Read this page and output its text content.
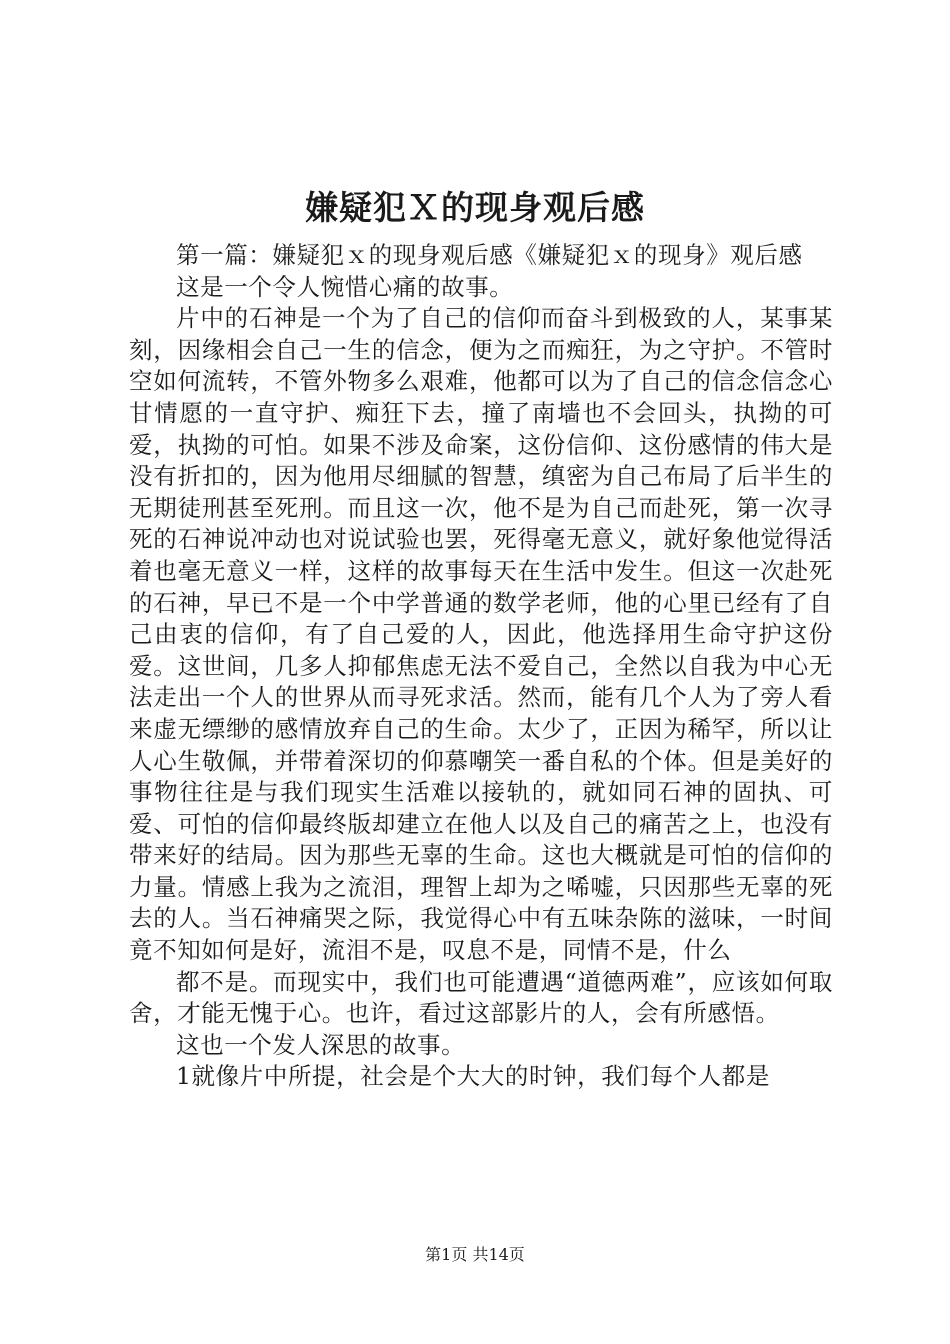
嫌疑犯Ｘ的现身观后感

第一篇：嫌疑犯ｘ的现身观后感《嫌疑犯ｘ的现身》观后感

这是一个令人惋惜心痛的故事。

片中的石神是一个为了自己的信仰而奋斗到极致的人，某事某刻，因缘相会自己一生的信念，便为之而痴狂，为之守护。不管时空如何流转，不管外物多么艰难，他都可以为了自己的信念信念心甘情愿的一直守护、痴狂下去，撞了南墙也不会回头，执拗的可爱，执拗的可怕。如果不涉及命案，这份信仰、这份感情的伟大是没有折扣的，因为他用尽细腻的智慧，缜密为自己布局了后半生的无期徒刑甚至死刑。而且这一次，他不是为自己而赴死，第一次寻死的石神说冲动也对说试验也罢，死得毫无意义，就好象他觉得活着也毫无意义一样，这样的故事每天在生活中发生。但这一次赴死的石神，早已不是一个中学普通的数学老师，他的心里已经有了自己由衷的信仰，有了自己爱的人，因此，他选择用生命守护这份爱。这世间，几多人抑郁焦虑无法不爱自己，全然以自我为中心无法走出一个人的世界从而寻死求活。然而，能有几个人为了旁人看来虚无缥缈的感情放弃自己的生命。太少了，正因为稀罕，所以让人心生敬佩，并带着深切的仰慕嘲笑一番自私的个体。但是美好的事物往往是与我们现实生活难以接轨的，就如同石神的固执、可爱、可怕的信仰最终版却建立在他人以及自己的痛苦之上，也没有带来好的结局。因为那些无辜的生命。这也大概就是可怕的信仰的力量。情感上我为之流泪，理智上却为之唏嘘，只因那些无辜的死去的人。当石神痛哭之际，我觉得心中有五味杂陈的滋味，一时间竟不知如何是好，流泪不是，叹息不是，同情不是，什么

都不是。而现实中，我们也可能遭遇“道德两难”，应该如何取舍，才能无愧于心。也许，看过这部影片的人，会有所感悟。

这也一个发人深思的故事。

1就像片中所提，社会是个大大的时钟，我们每个人都是

第1页 共14页
